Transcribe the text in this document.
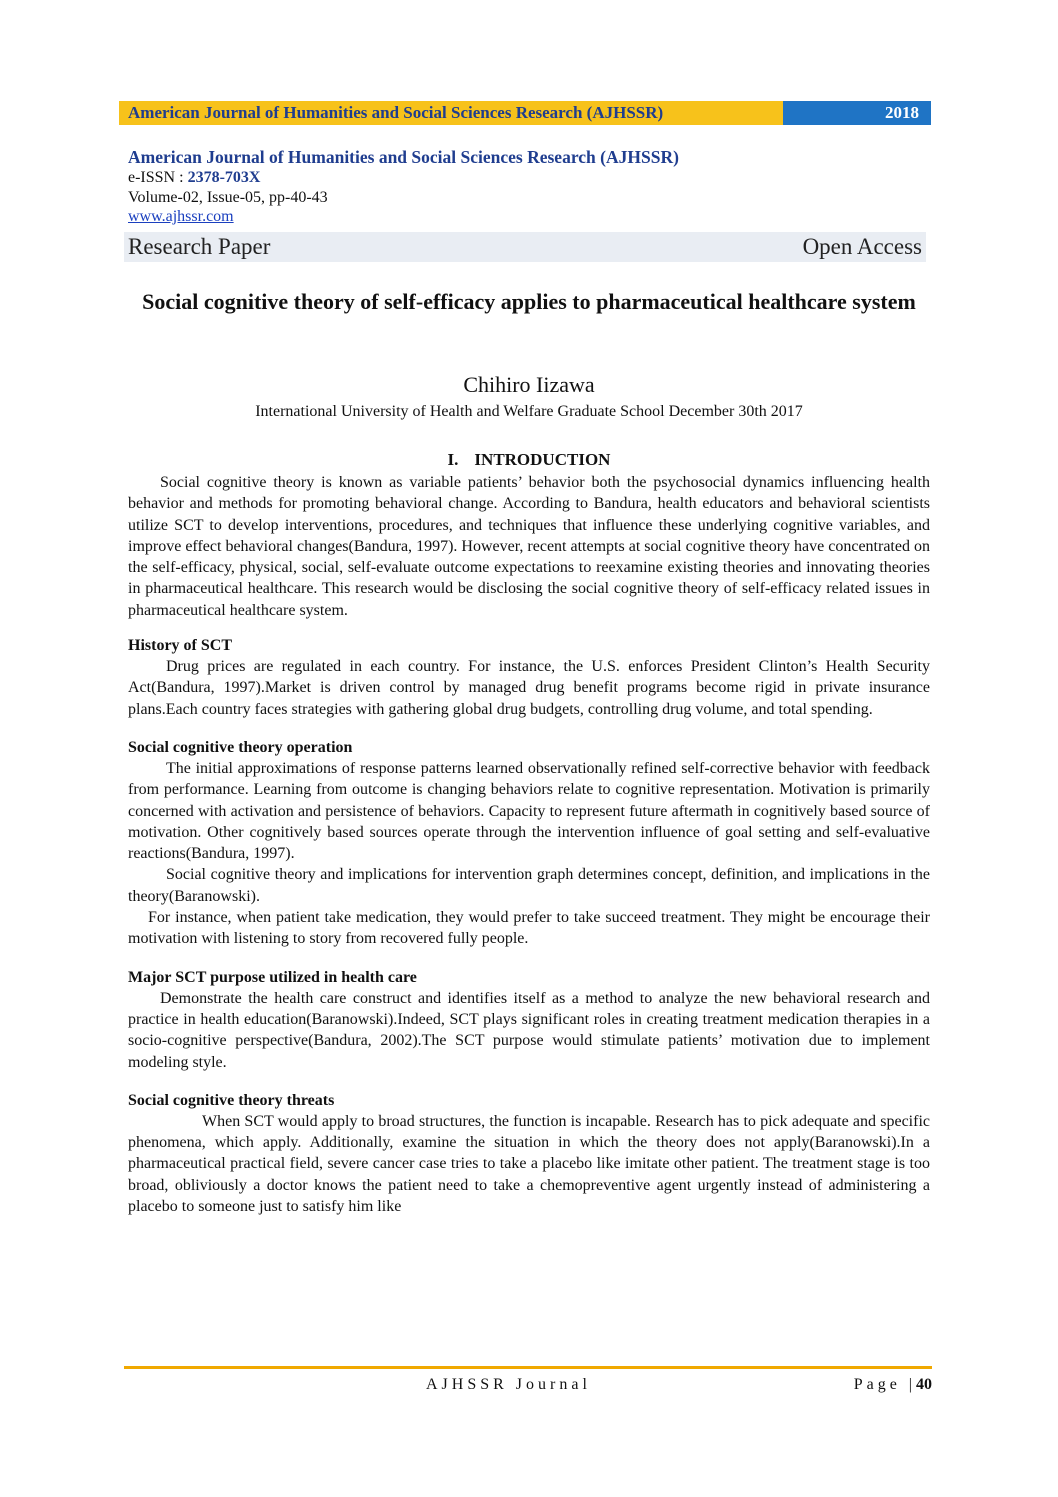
American Journal of Humanities and Social Sciences Research (AJHSSR)	2018
American Journal of Humanities and Social Sciences Research (AJHSSR)
e-ISSN : 2378-703X
Volume-02, Issue-05, pp-40-43
www.ajhssr.com
Research Paper	Open Access
Social cognitive theory of self-efficacy applies to pharmaceutical healthcare system
Chihiro Iizawa
International University of Health and Welfare Graduate School December 30th 2017
I. INTRODUCTION

Social cognitive theory is known as variable patients’ behavior both the psychosocial dynamics influencing health behavior and methods for promoting behavioral change. According to Bandura, health educators and behavioral scientists utilize SCT to develop interventions, procedures, and techniques that influence these underlying cognitive variables, and improve effect behavioral changes(Bandura, 1997). However, recent attempts at social cognitive theory have concentrated on the self-efficacy, physical, social, self-evaluate outcome expectations to reexamine existing theories and innovating theories in pharmaceutical healthcare. This research would be disclosing the social cognitive theory of self-efficacy related issues in pharmaceutical healthcare system.

History of SCT

Drug prices are regulated in each country. For instance, the U.S. enforces President Clinton’s Health Security Act(Bandura, 1997).Market is driven control by managed drug benefit programs become rigid in private insurance plans.Each country faces strategies with gathering global drug budgets, controlling drug volume, and total spending.

Social cognitive theory operation

The initial approximations of response patterns learned observationally refined self-corrective behavior with feedback from performance. Learning from outcome is changing behaviors relate to cognitive representation. Motivation is primarily concerned with activation and persistence of behaviors. Capacity to represent future aftermath in cognitively based source of motivation. Other cognitively based sources operate through the intervention influence of goal setting and self-evaluative reactions(Bandura, 1997).

Social cognitive theory and implications for intervention graph determines concept, definition, and implications in the theory(Baranowski).

For instance, when patient take medication, they would prefer to take succeed treatment. They might be encourage their motivation with listening to story from recovered fully people.

Major SCT purpose utilized in health care

Demonstrate the health care construct and identifies itself as a method to analyze the new behavioral research and practice in health education(Baranowski).Indeed, SCT plays significant roles in creating treatment medication therapies in a socio-cognitive perspective(Bandura, 2002).The SCT purpose would stimulate patients’ motivation due to implement modeling style.

Social cognitive theory threats

When SCT would apply to broad structures, the function is incapable. Research has to pick adequate and specific phenomena, which apply. Additionally, examine the situation in which the theory does not apply(Baranowski).In a pharmaceutical practical field, severe cancer case tries to take a placebo like imitate other patient. The treatment stage is too broad, obliviously a doctor knows the patient need to take a chemopreventive agent urgently instead of administering a placebo to someone just to satisfy him like

AJHSSR Journal	Page |40
